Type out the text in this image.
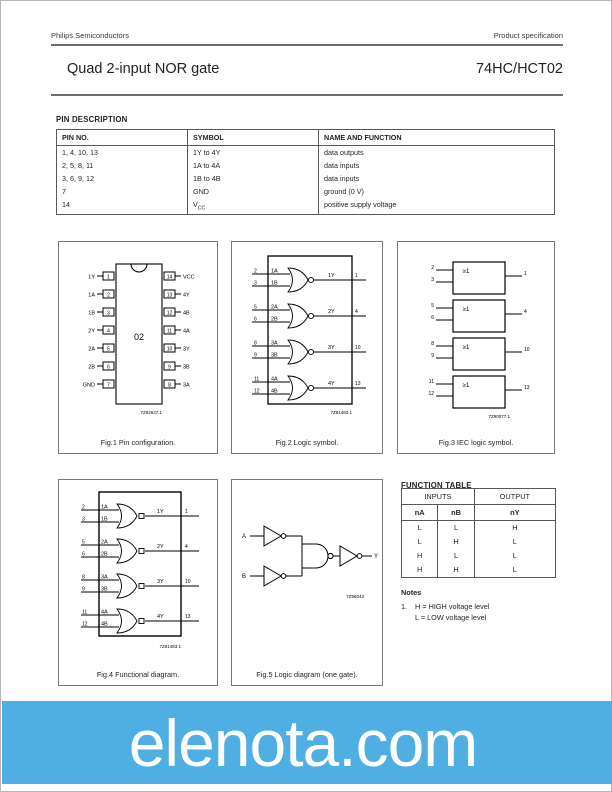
Philips Semiconductors	Product specification
Quad 2-input NOR gate	74HC/HCT02
PIN DESCRIPTION
PIN NO.	SYMBOL	NAME AND FUNCTION
1, 4, 10, 13	1Y to 4Y	data outputs
2, 5, 8, 11	1A to 4A	data inputs
3, 6, 9, 12	1B to 4B	data inputs
7	GND	ground (0 V)
14	$V_{CC}$	positive supply voltage
02
1
2
3
4
5
6
7
1Y
1A
1B
2Y
2A
2B
GND
14
13
12
11
10
9
8
VCC
4Y
4B
4A
3Y
3B
3A
7Z92637.1
Fig.1 Pin configuration.
2
5
8
11
3
6
9
12
1A
2A
3A
4A
1B
2B
3B
4B
1Y
2Y
3Y
4Y
1
4
10
13
7Z81483.1
Fig.2 Logic symbol.
≥1
≥1
≥1
≥1
2
3
5
6
8
9
11
12
1
4
10
13
7Z90077.1
Fig.3 IEC logic symbol.
2
5
8
11
3
6
9
12
1A
2A
3A
4A
1B
2B
3B
4B
1Y
2Y
3Y
4Y
1
4
10
13
7Z91483.1
Fig.4 Functional diagram.
A
B
Y
7Z96043
Fig.5 Logic diagram (one gate).
FUNCTION TABLE
INPUTS		OUTPUT
nA	nB	nY
L	L	H
L	H	L
H	L	L
H	H	L
Notes
1.	H = HIGH voltage level
L = LOW voltage level
elenota.com
